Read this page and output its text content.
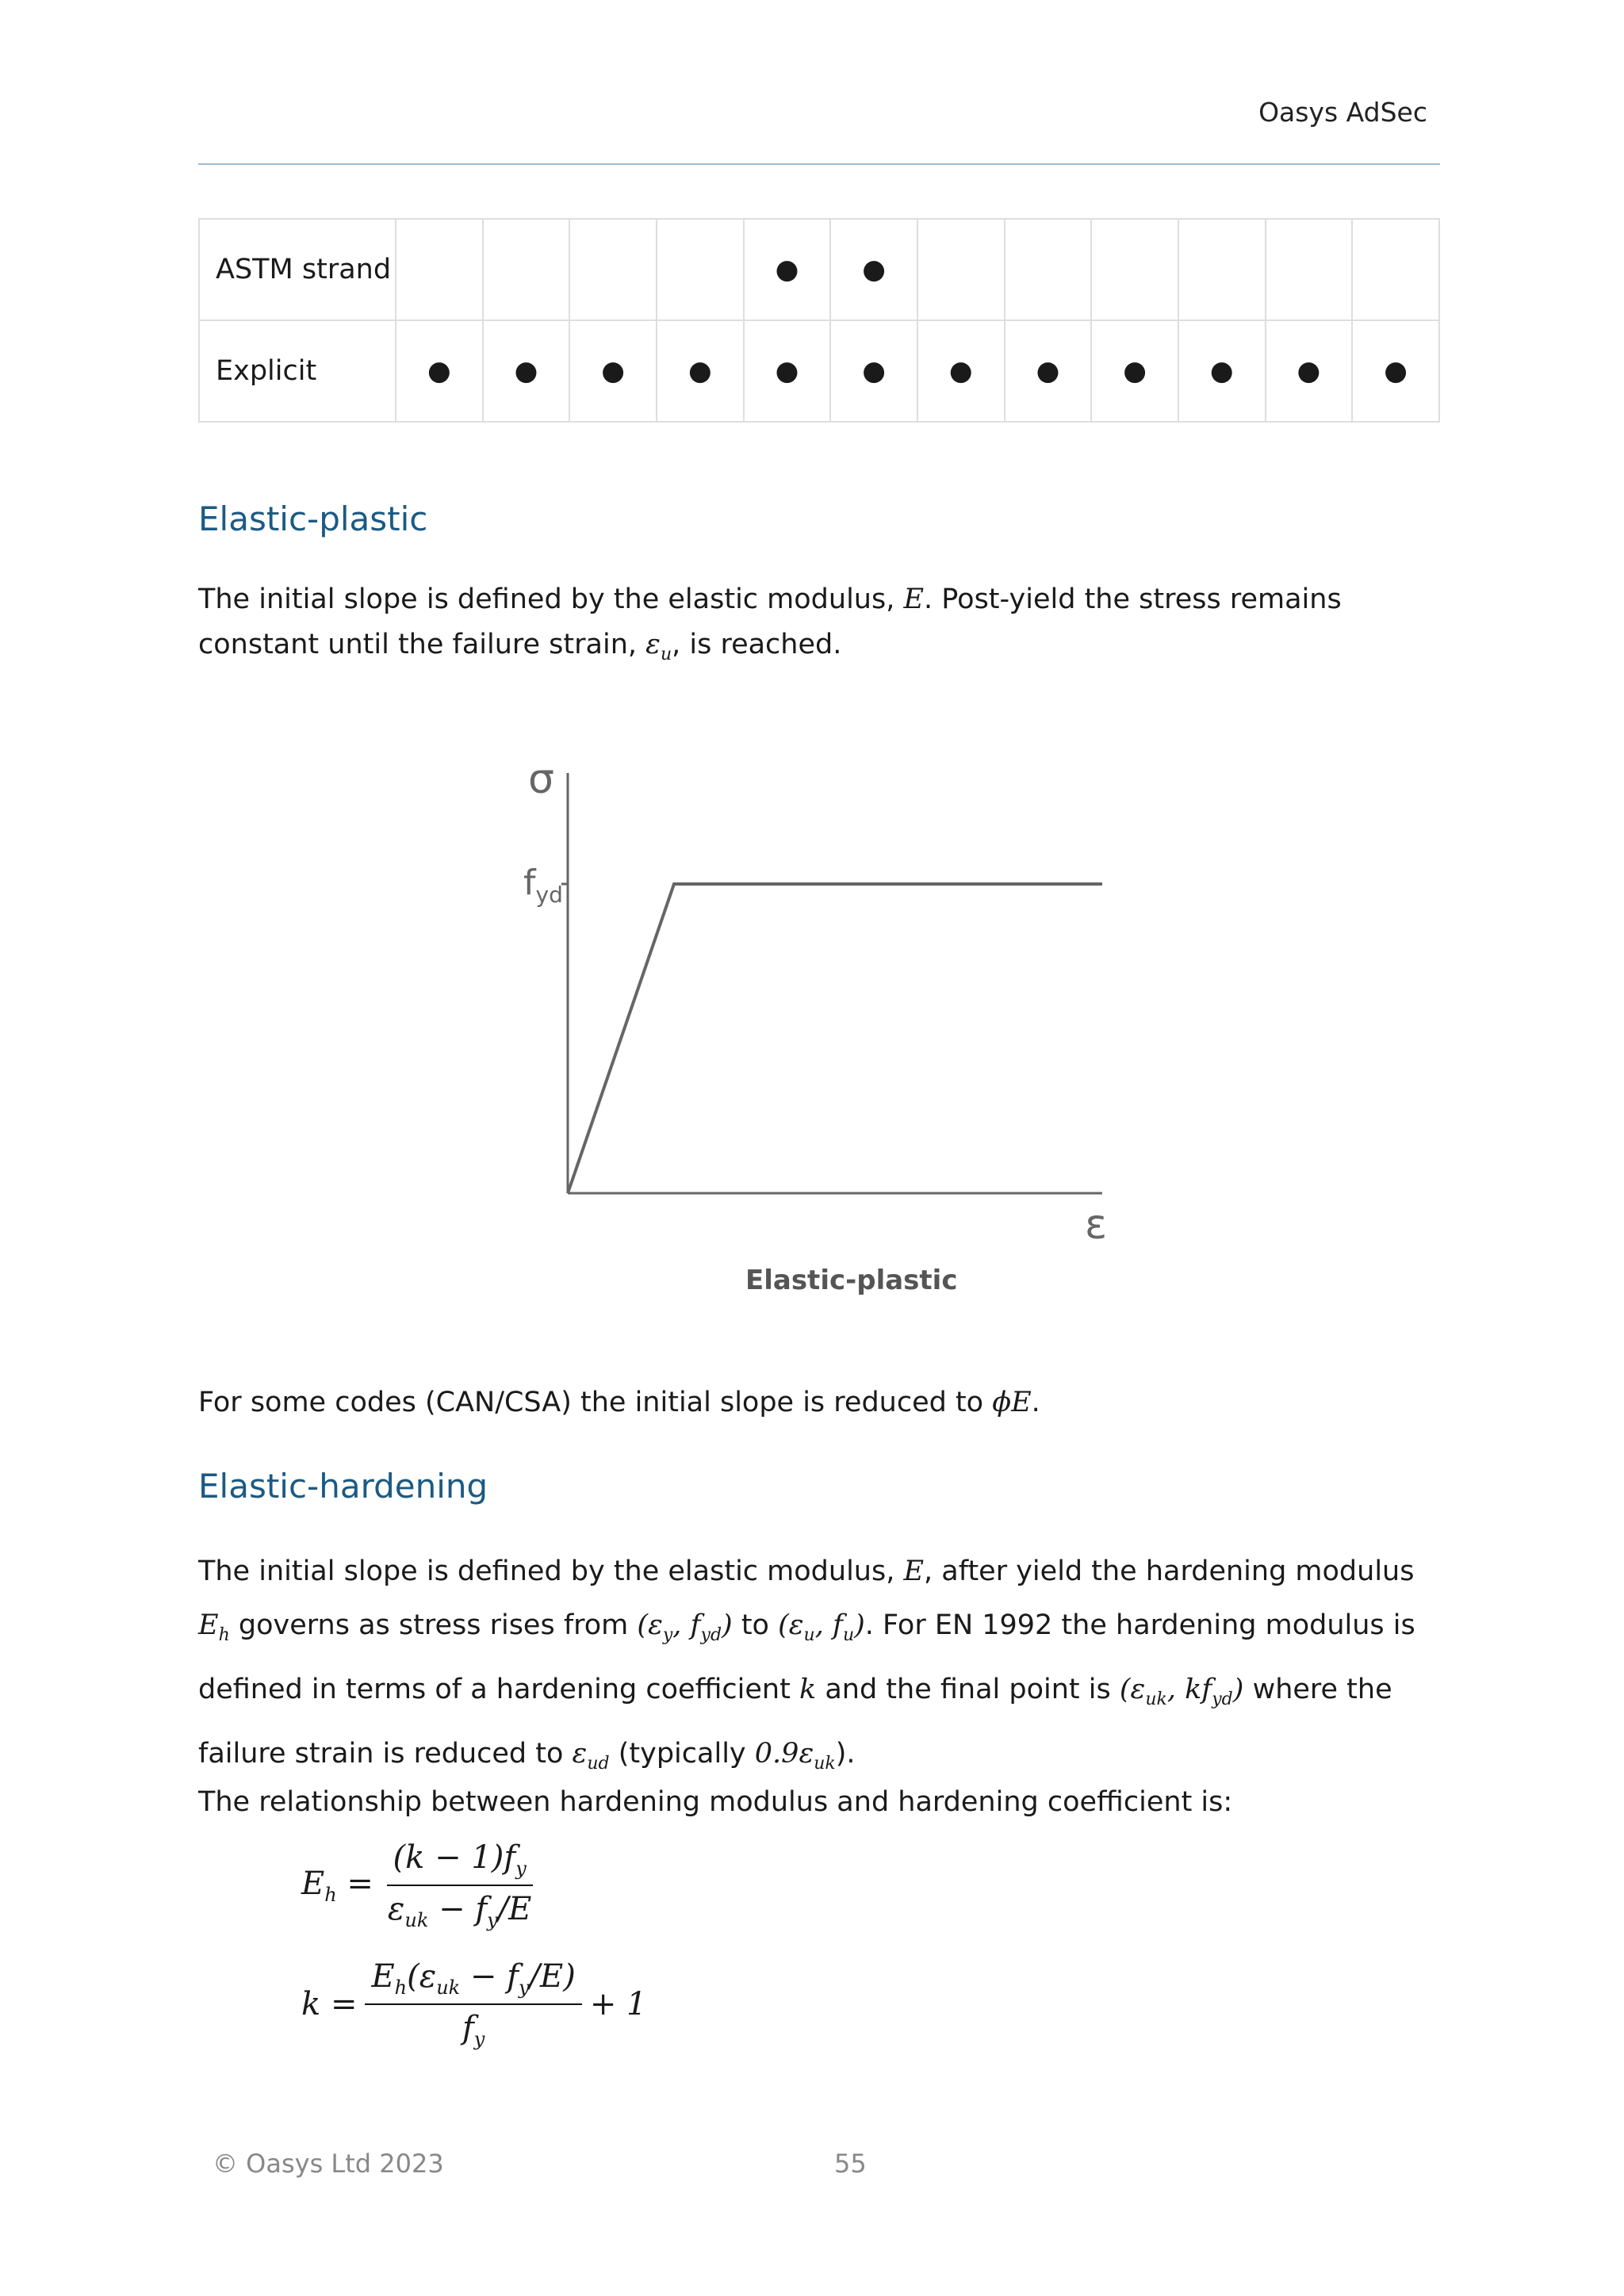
Oasys AdSec
ASTM strand					●	●						
Explicit	●	●	●	●	●	●	●	●	●	●	●	●
Elastic-plastic

The initial slope is defined by the elastic modulus, E. Post-yield the stress remains constant until the failure strain, $\varepsilon_u$, is reached.

σ
$f_{yd}$
ε

Elastic-plastic

For some codes (CAN/CSA) the initial slope is reduced to ϕE.

Elastic-hardening

The initial slope is defined by the elastic modulus, E, after yield the hardening modulus $E_h$ governs as stress rises from ($\varepsilon_y$, $f_{yd}$) to ($\varepsilon_u$, $f_u$). For EN 1992 the hardening modulus is defined in terms of a hardening coefficient k and the final point is ($\varepsilon_{uk}$, $kf_{yd}$) where the failure strain is reduced to $\varepsilon_{ud}$ (typically $0.9\varepsilon_{uk}$).

The relationship between hardening modulus and hardening coefficient is:

$E_h = \frac{(k - 1)f_y}{\varepsilon_{uk} - f_y/E}$
$k = \frac{E_h(\varepsilon_{uk} - f_y/E)}{f_y} + 1$
© Oasys Ltd 2023	55
